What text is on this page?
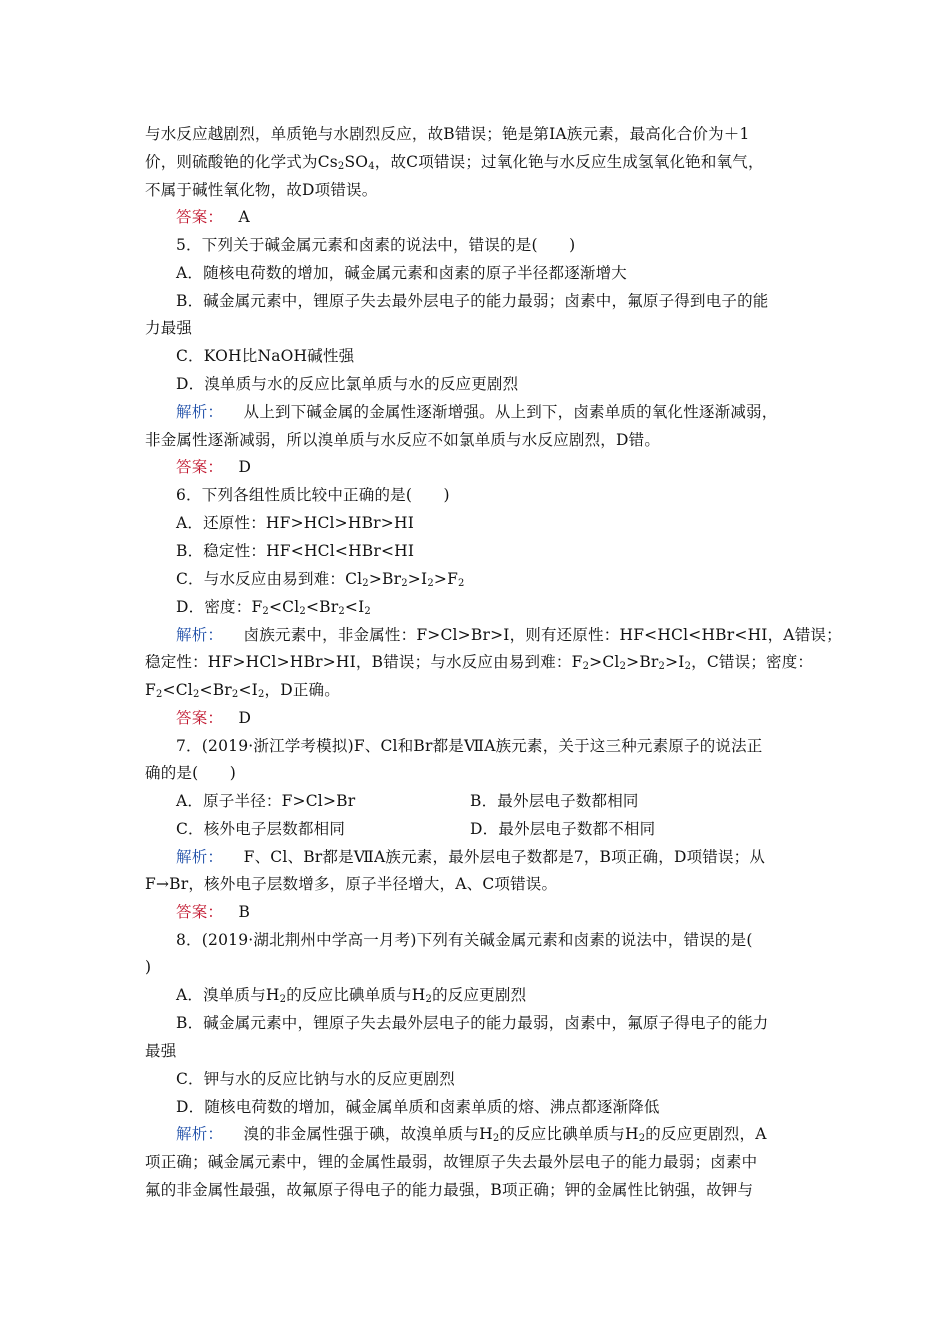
与水反应越剧烈，单质铯与水剧烈反应，故B错误；铯是第ⅠA族元素，最高化合价为＋1
价，则硫酸铯的化学式为$Cs_2SO_4$，故C项错误；过氧化铯与水反应生成氢氧化铯和氧气，
不属于碱性氧化物，故D项错误。
答案： A
5．下列关于碱金属元素和卤素的说法中，错误的是(　　)
A．随核电荷数的增加，碱金属元素和卤素的原子半径都逐渐增大
B．碱金属元素中，锂原子失去最外层电子的能力最弱；卤素中，氟原子得到电子的能
力最强
C．KOH比NaOH碱性强
D．溴单质与水的反应比氯单质与水的反应更剧烈
解析： 从上到下碱金属的金属性逐渐增强。从上到下，卤素单质的氧化性逐渐减弱，
非金属性逐渐减弱，所以溴单质与水反应不如氯单质与水反应剧烈，D错。
答案： D
6．下列各组性质比较中正确的是(　　)
A．还原性：HF>HCl>HBr>HI
B．稳定性：HF<HCl<HBr<HI
C．与水反应由易到难：$Cl_2>Br_2>I_2>F_2$
D．密度：$F_2<Cl_2<Br_2<I_2$
解析： 卤族元素中，非金属性：F>Cl>Br>I，则有还原性：HF<HCl<HBr<HI，A错误；
稳定性：HF>HCl>HBr>HI，B错误；与水反应由易到难：$F_2>Cl_2>Br_2>I_2$，C错误；密度：
$F_2<Cl_2<Br_2<I_2$，D正确。
答案： D
7．(2019·浙江学考模拟)F、Cl和Br都是ⅦA族元素，关于这三种元素原子的说法正
确的是(　　)
A．原子半径：F>Cl>Br	B．最外层电子数都相同
C．核外电子层数都相同	D．最外层电子数都不相同
解析： F、Cl、Br都是ⅦA族元素，最外层电子数都是7，B项正确，D项错误；从
F→Br，核外电子层数增多，原子半径增大，A、C项错误。
答案： B
8．(2019·湖北荆州中学高一月考)下列有关碱金属元素和卤素的说法中，错误的是(
)
A．溴单质与$H_2$的反应比碘单质与$H_2$的反应更剧烈
B．碱金属元素中，锂原子失去最外层电子的能力最弱，卤素中，氟原子得电子的能力
最强
C．钾与水的反应比钠与水的反应更剧烈
D．随核电荷数的增加，碱金属单质和卤素单质的熔、沸点都逐渐降低
解析： 溴的非金属性强于碘，故溴单质与$H_2$的反应比碘单质与$H_2$的反应更剧烈，A
项正确；碱金属元素中，锂的金属性最弱，故锂原子失去最外层电子的能力最弱；卤素中
氟的非金属性最强，故氟原子得电子的能力最强，B项正确；钾的金属性比钠强，故钾与
